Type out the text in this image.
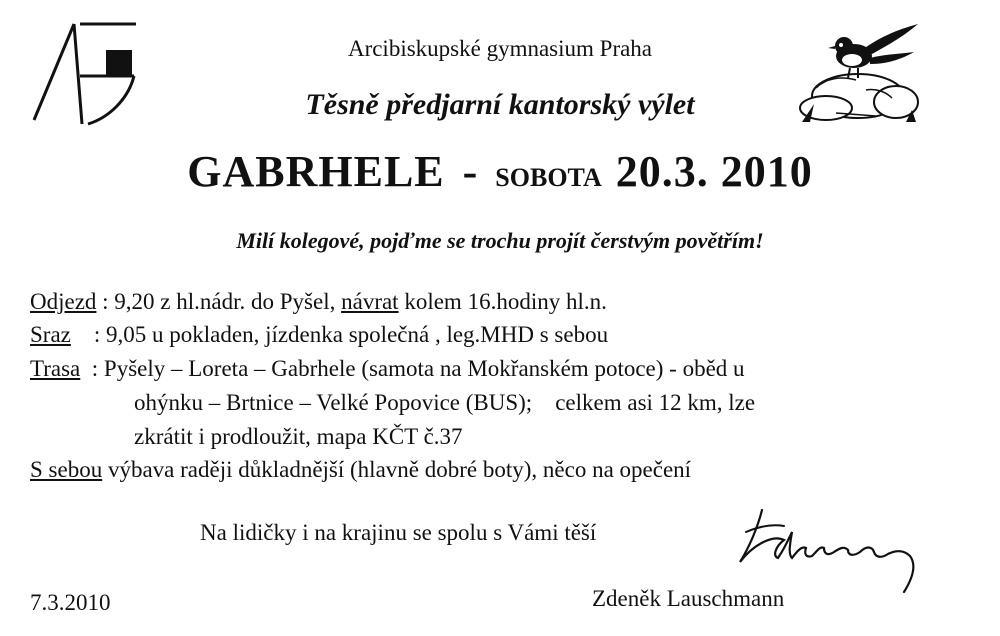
Arcibiskupské gymnasium Praha
Těsně předjarní kantorský výlet
GABRHELE - SOBOTA 20.3. 2010
Milí kolegové, pojďme se trochu projít čerstvým povětřím!
Odjezd : 9,20 z hl.nádr. do Pyšel, návrat kolem 16.hodiny hl.n.
Sraz    : 9,05 u pokladen, jízdenka společná , leg.MHD s sebou
Trasa  : Pyšely – Loreta – Gabrhele (samota na Mokřanském potoce) - oběd u
ohýnku – Brtnice – Velké Popovice (BUS);    celkem asi 12 km, lze
zkrátit i prodloužit, mapa KČT č.37
S sebou výbava raději důkladnější (hlavně dobré boty), něco na opečení
Na lidičky i na krajinu se spolu s Vámi těší
7.3.2010	Zdeněk Lauschmann
